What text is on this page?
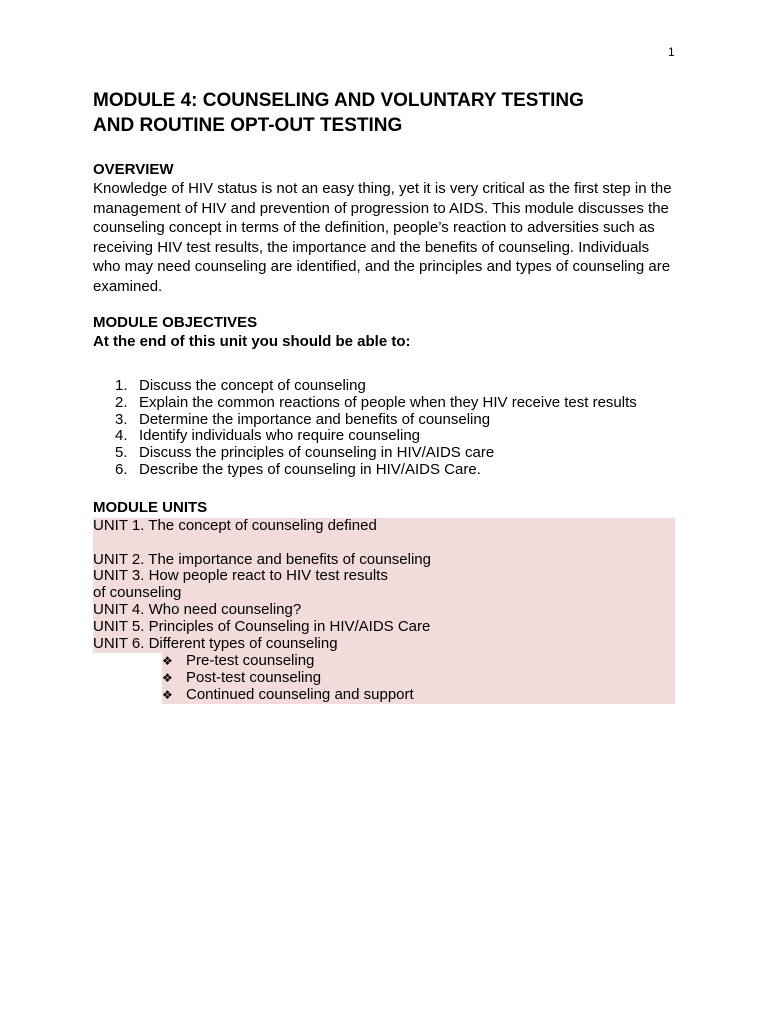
1
MODULE 4: COUNSELING AND VOLUNTARY TESTING
AND ROUTINE OPT-OUT TESTING
OVERVIEW

Knowledge of HIV status is not an easy thing, yet it is very critical as the first step in the management of HIV and prevention of progression to AIDS. This module discusses the counseling concept in terms of the definition, people’s reaction to adversities such as receiving HIV test results, the importance and the benefits of counseling. Individuals who may need counseling are identified, and the principles and types of counseling are examined.

MODULE OBJECTIVES

At the end of this unit you should be able to:

1. Discuss the concept of counseling
2. Explain the common reactions of people when they HIV receive test results
3. Determine the importance and benefits of counseling
4. Identify individuals who require counseling
5. Discuss the principles of counseling in HIV/AIDS care
6. Describe the types of counseling in HIV/AIDS Care.
MODULE UNITS
UNIT 1. The concept of counseling defined
UNIT 2. The importance and benefits of counseling
UNIT 3. How people react to HIV test results
of counseling
UNIT 4. Who need counseling?
UNIT 5. Principles of Counseling in HIV/AIDS Care
UNIT 6. Different types of counseling
❖ Pre-test counseling
❖ Post-test counseling
❖ Continued counseling and support
